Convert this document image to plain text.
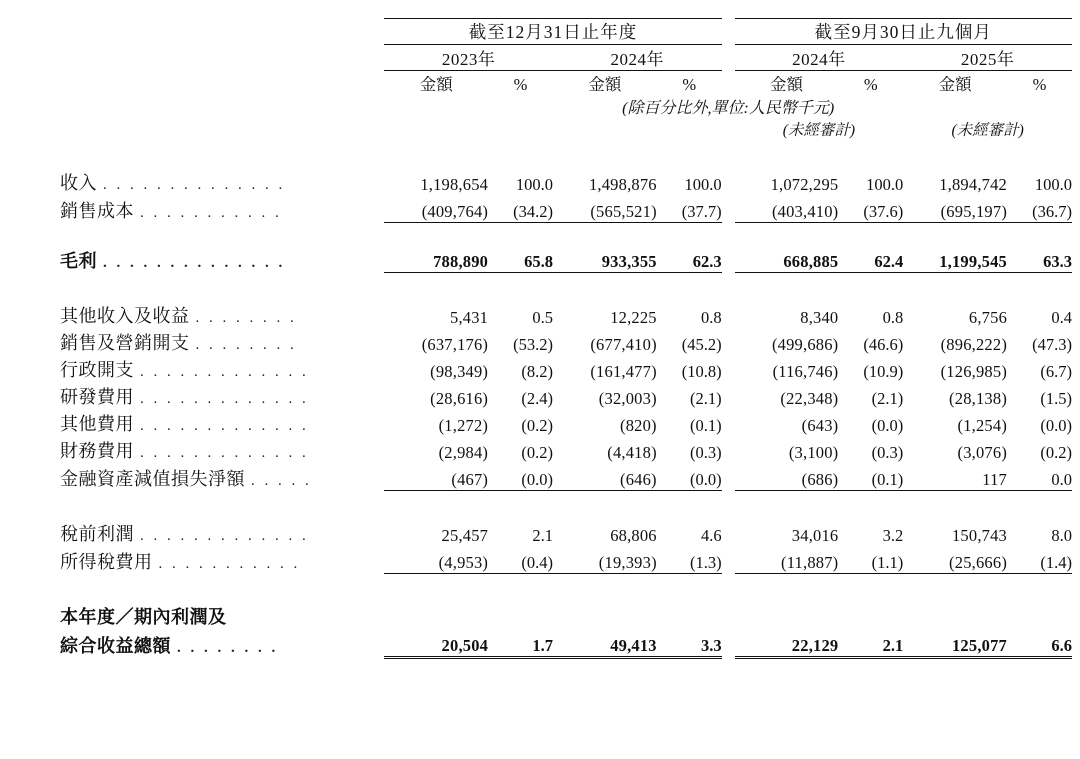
	截至12月31日止年度					截至9月30日止九個月			
	2023年		2024年			2024年		2025年	
	金額	%	金額	%		金額	%	金額	%
	(除百分比外,單位:人民幣千元)								
						(未經審計)		(未經審計)	

收入 . . . . . . . . . . . . . .	1,198,654	100.0	1,498,876	100.0		1,072,295	100.0	1,894,742	100.0
銷售成本 . . . . . . . . . . .	(409,764)	(34.2)	(565,521)	(37.7)		(403,410)	(37.6)	(695,197)	(36.7)

毛利 . . . . . . . . . . . . . .	788,890	65.8	933,355	62.3		668,885	62.4	1,199,545	63.3

其他收入及收益 . . . . . . . .	5,431	0.5	12,225	0.8		8,340	0.8	6,756	0.4
銷售及營銷開支 . . . . . . . .	(637,176)	(53.2)	(677,410)	(45.2)		(499,686)	(46.6)	(896,222)	(47.3)
行政開支 . . . . . . . . . . . . .	(98,349)	(8.2)	(161,477)	(10.8)		(116,746)	(10.9)	(126,985)	(6.7)
研發費用 . . . . . . . . . . . . .	(28,616)	(2.4)	(32,003)	(2.1)		(22,348)	(2.1)	(28,138)	(1.5)
其他費用 . . . . . . . . . . . . .	(1,272)	(0.2)	(820)	(0.1)		(643)	(0.0)	(1,254)	(0.0)
財務費用 . . . . . . . . . . . . .	(2,984)	(0.2)	(4,418)	(0.3)		(3,100)	(0.3)	(3,076)	(0.2)
金融資產減值損失淨額 . . . . .	(467)	(0.0)	(646)	(0.0)		(686)	(0.1)	117	0.0

稅前利潤 . . . . . . . . . . . . .	25,457	2.1	68,806	4.6		34,016	3.2	150,743	8.0
所得稅費用 . . . . . . . . . . .	(4,953)	(0.4)	(19,393)	(1.3)		(11,887)	(1.1)	(25,666)	(1.4)

本年度／期內利潤及									
綜合收益總額 . . . . . . . .	20,504	1.7	49,413	3.3		22,129	2.1	125,077	6.6
